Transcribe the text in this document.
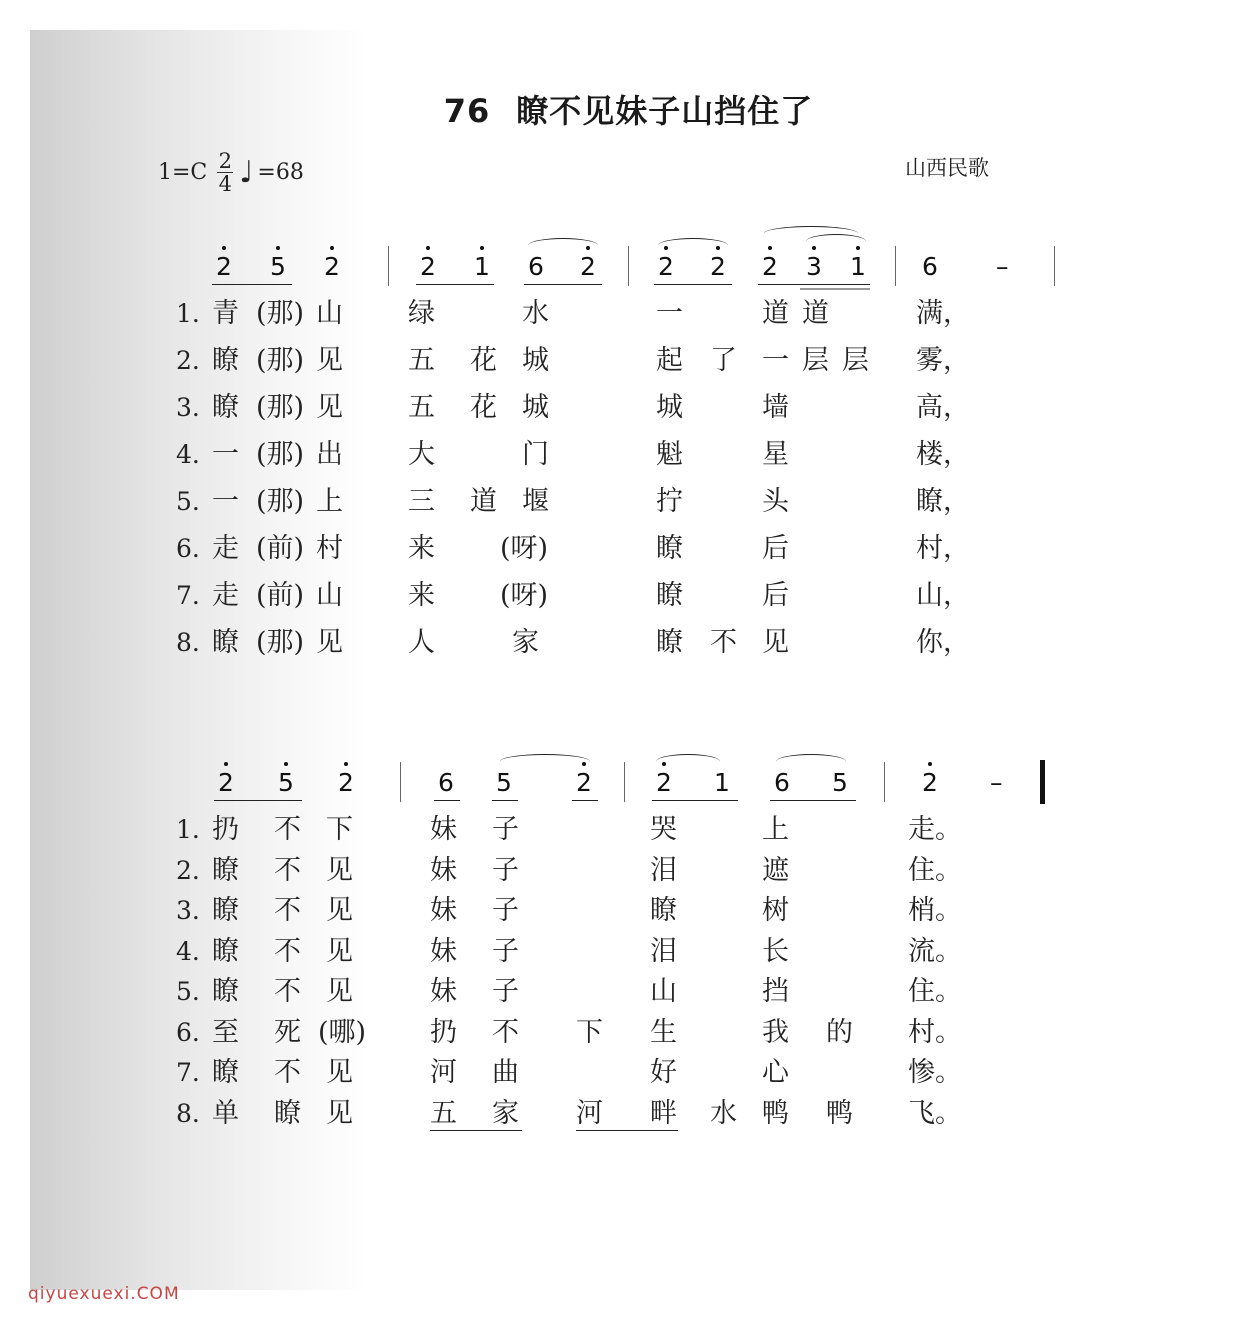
76 瞭不见妹子山挡住了
$1=C \frac{2}{4}$ ♩ =68	山西民歌
2 5 2	2 1 6 2 2 2 2 3 1 6 –
2 5 2	6 5	2	2 1 6 5	2 –
1. 青 (那) 山 绿	水	一	道 道	满，
2. 瞭 (那) 见 五 花 城	起 了 一 层 层 雾，
3. 瞭 (那) 见 五 花 城	城	墙	高，
4. 一 (那) 出 大	门	魁	星	楼，
5. 一 (那) 上 三 道 堰	拧	头	瞭，
6. 走 (前) 村 来 (呀)	瞭	后	村，
7. 走 (前) 山 来 (呀)	瞭	后	山，
8. 瞭 (那) 见 人	家	瞭 不 见	你，
1. 扔 不 下	妹 子	哭	上	走。
2. 瞭 不 见	妹 子	泪	遮	住。
3. 瞭 不 见	妹 子	瞭	树	梢。
4. 瞭 不 见	妹 子	泪	长	流。
5. 瞭 不 见	妹 子	山	挡	住。
6. 至 死 (哪) 扔 不 下 生	我 的 村。
7. 瞭 不 见	河 曲	好	心	惨。
8. 单 瞭 见	五 家 河 畔 水 鸭 鸭 飞。
qiyuexuexi.COM
